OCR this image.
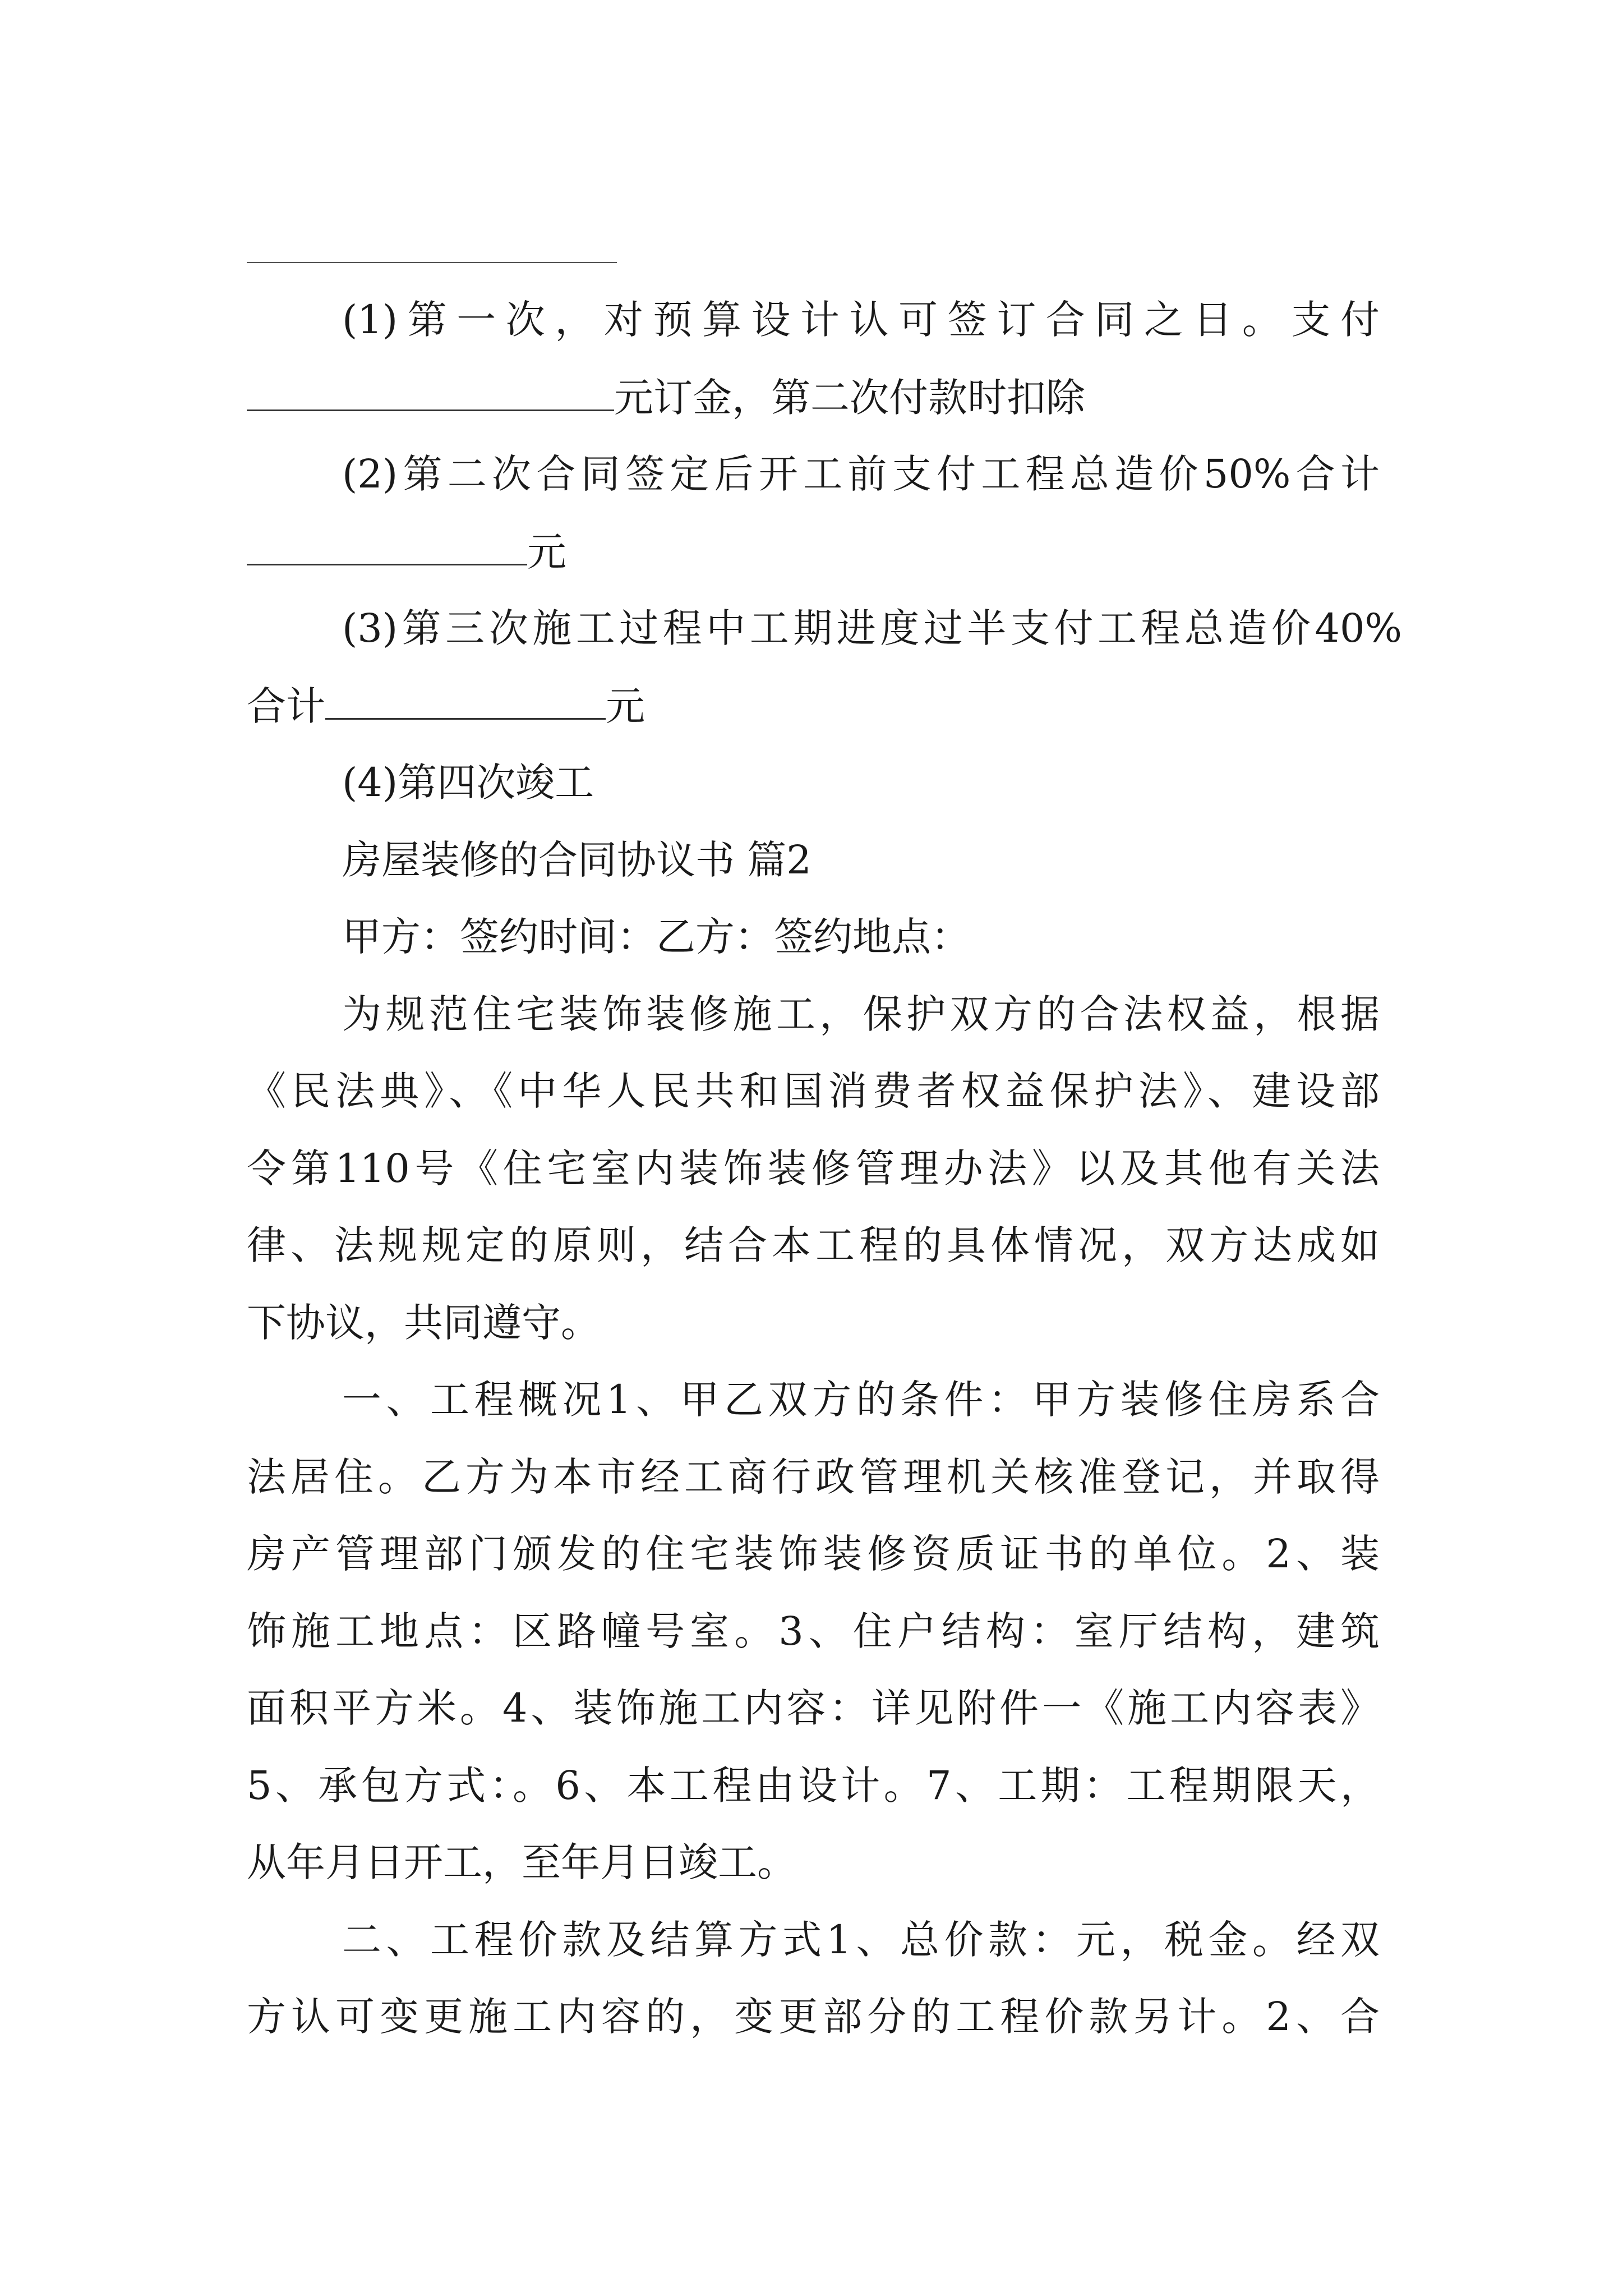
(1)第一次，对预算设计认可签订合同之日。支付
元订金，第二次付款时扣除
(2)第二次合同签定后开工前支付工程总造价50%合计
元
(3)第三次施工过程中工期进度过半支付工程总造价40%
合计	元
(4)第四次竣工
房屋装修的合同协议书 篇2
甲方：签约时间：乙方：签约地点：
为规范住宅装饰装修施工，保护双方的合法权益，根据
《民法典》、《中华人民共和国消费者权益保护法》、建设部
令第110号《住宅室内装饰装修管理办法》以及其他有关法
律、法规规定的原则，结合本工程的具体情况，双方达成如
下协议，共同遵守。
一、工程概况1、甲乙双方的条件：甲方装修住房系合
法居住。乙方为本市经工商行政管理机关核准登记，并取得
房产管理部门颁发的住宅装饰装修资质证书的单位。2、装
饰施工地点：区路幢号室。3、住户结构：室厅结构，建筑
面积平方米。4、装饰施工内容：详见附件一《施工内容表》
5、承包方式：。6、本工程由设计。7、工期：工程期限天，
从年月日开工，至年月日竣工。
二、工程价款及结算方式1、总价款：元，税金。经双
方认可变更施工内容的，变更部分的工程价款另计。2、合
